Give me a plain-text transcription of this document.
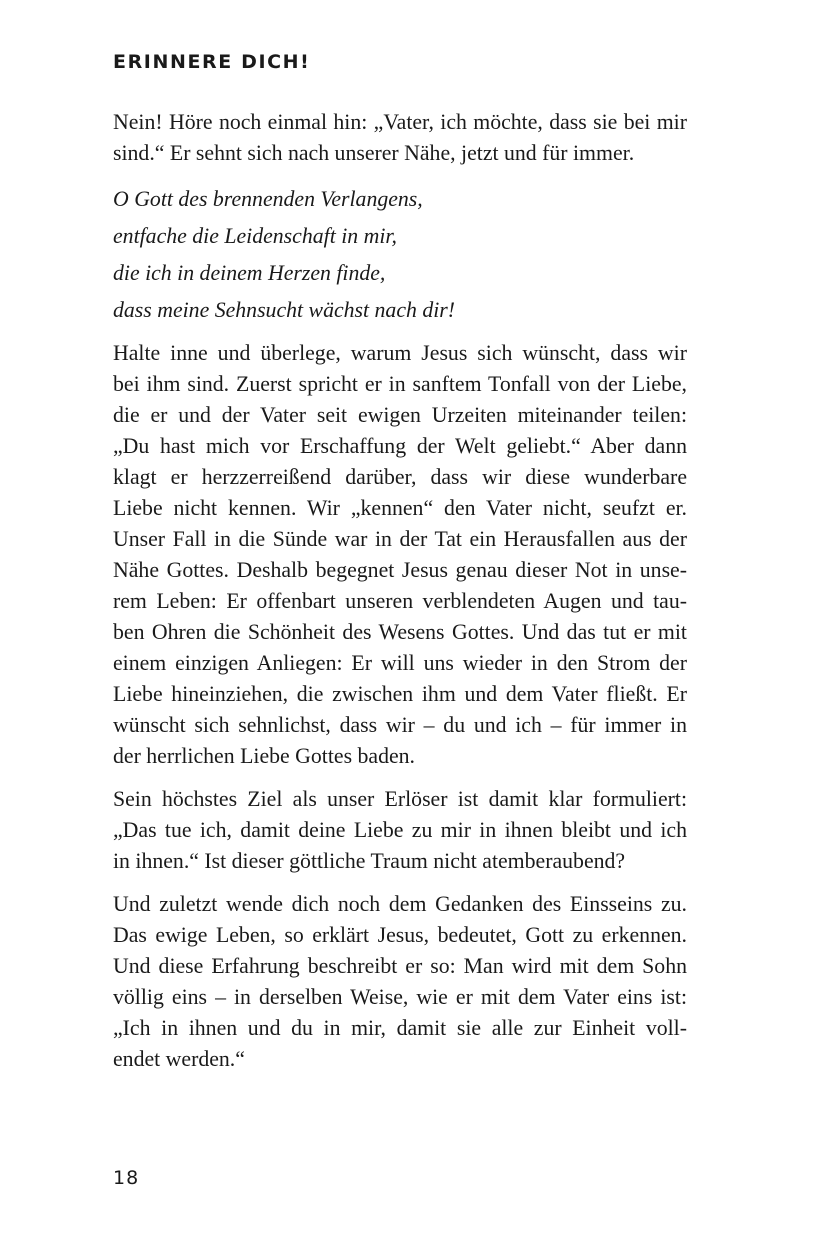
ERINNERE DICH!

Nein! Höre noch einmal hin: „Vater, ich möchte, dass sie bei mir
sind.“ Er sehnt sich nach unserer Nähe, jetzt und für immer.

O Gott des brennenden Verlangens,
entfache die Leidenschaft in mir,
die ich in deinem Herzen finde,
dass meine Sehnsucht wächst nach dir!

Halte inne und überlege, warum Jesus sich wünscht, dass wir
bei ihm sind. Zuerst spricht er in sanftem Tonfall von der Liebe,
die er und der Vater seit ewigen Urzeiten miteinander teilen:
„Du hast mich vor Erschaffung der Welt geliebt.“ Aber dann
klagt er herzzerreißend darüber, dass wir diese wunderbare
Liebe nicht kennen. Wir „kennen“ den Vater nicht, seufzt er.
Unser Fall in die Sünde war in der Tat ein Herausfallen aus der
Nähe Gottes. Deshalb begegnet Jesus genau dieser Not in unse-
rem Leben: Er offenbart unseren verblendeten Augen und tau-
ben Ohren die Schönheit des Wesens Gottes. Und das tut er mit
einem einzigen Anliegen: Er will uns wieder in den Strom der
Liebe hineinziehen, die zwischen ihm und dem Vater fließt. Er
wünscht sich sehnlichst, dass wir – du und ich – für immer in
der herrlichen Liebe Gottes baden.

Sein höchstes Ziel als unser Erlöser ist damit klar formuliert:
„Das tue ich, damit deine Liebe zu mir in ihnen bleibt und ich
in ihnen.“ Ist dieser göttliche Traum nicht atemberaubend?

Und zuletzt wende dich noch dem Gedanken des Einsseins zu.
Das ewige Leben, so erklärt Jesus, bedeutet, Gott zu erkennen.
Und diese Erfahrung beschreibt er so: Man wird mit dem Sohn
völlig eins – in derselben Weise, wie er mit dem Vater eins ist:
„Ich in ihnen und du in mir, damit sie alle zur Einheit voll-
endet werden.“

18
